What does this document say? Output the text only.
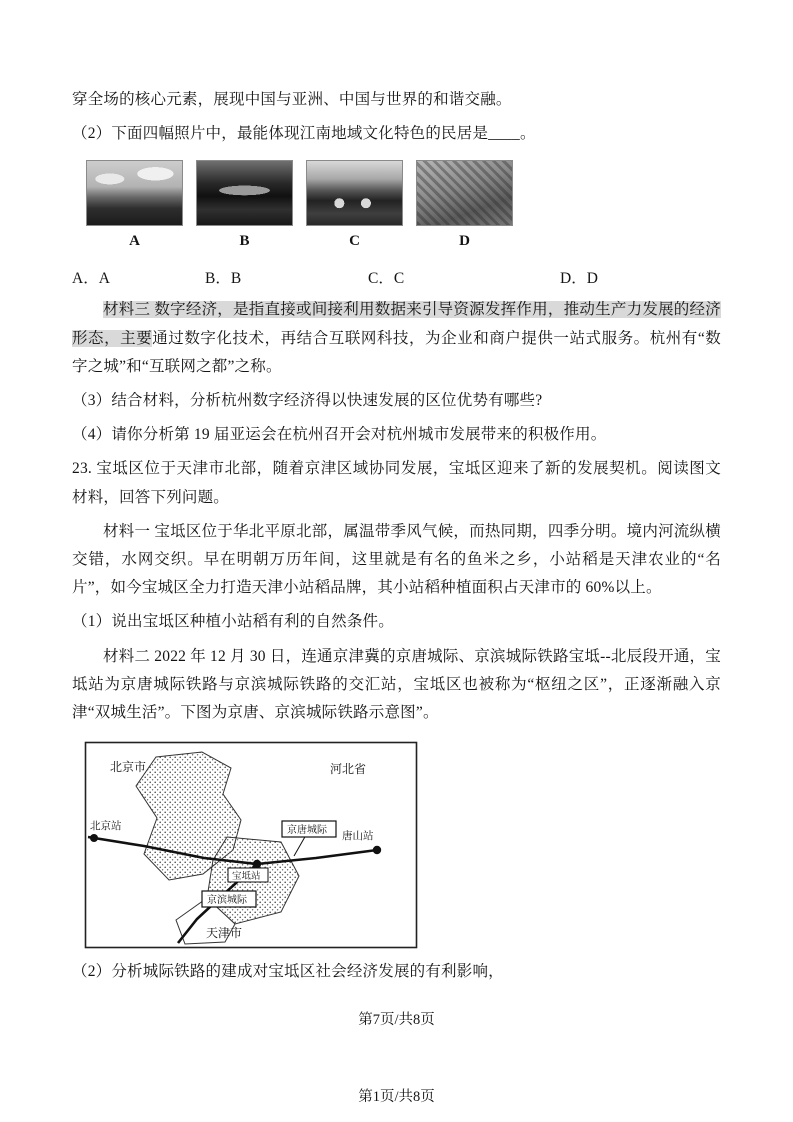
穿全场的核心元素，展现中国与亚洲、中国与世界的和谐交融。

（2）下面四幅照片中，最能体现江南地域文化特色的民居是____。

A	B	C	D
A．A	B．B	C．C	D．D

材料三 数字经济，是指直接或间接利用数据来引导资源发挥作用，推动生产力发展的经济形态，主要通过数字化技术，再结合互联网科技，为企业和商户提供一站式服务。杭州有“数字之城”和“互联网之都”之称。

（3）结合材料，分析杭州数字经济得以快速发展的区位优势有哪些?

（4）请你分析第 19 届亚运会在杭州召开会对杭州城市发展带来的积极作用。

23. 宝坻区位于天津市北部，随着京津区域协同发展，宝坻区迎来了新的发展契机。阅读图文材料，回答下列问题。

材料一 宝坻区位于华北平原北部，属温带季风气候，而热同期，四季分明。境内河流纵横交错，水网交织。早在明朝万历年间，这里就是有名的鱼米之乡，小站稻是天津农业的“名片”，如今宝城区全力打造天津小站稻品牌，其小站稻种植面积占天津市的 60%以上。

（1）说出宝坻区种植小站稻有利的自然条件。

材料二 2022 年 12 月 30 日，连通京津冀的京唐城际、京滨城际铁路宝坻--北辰段开通，宝坻站为京唐城际铁路与京滨城际铁路的交汇站，宝坻区也被称为“枢纽之区”，正逐渐融入京津“双城生活”。下图为京唐、京滨城际铁路示意图”。

北京市	河北省
北京站
唐山站
天津市
京唐城际
宝坻站
京滨城际

（2）分析城际铁路的建成对宝坻区社会经济发展的有利影响，

第7页/共8页
第1页/共8页
